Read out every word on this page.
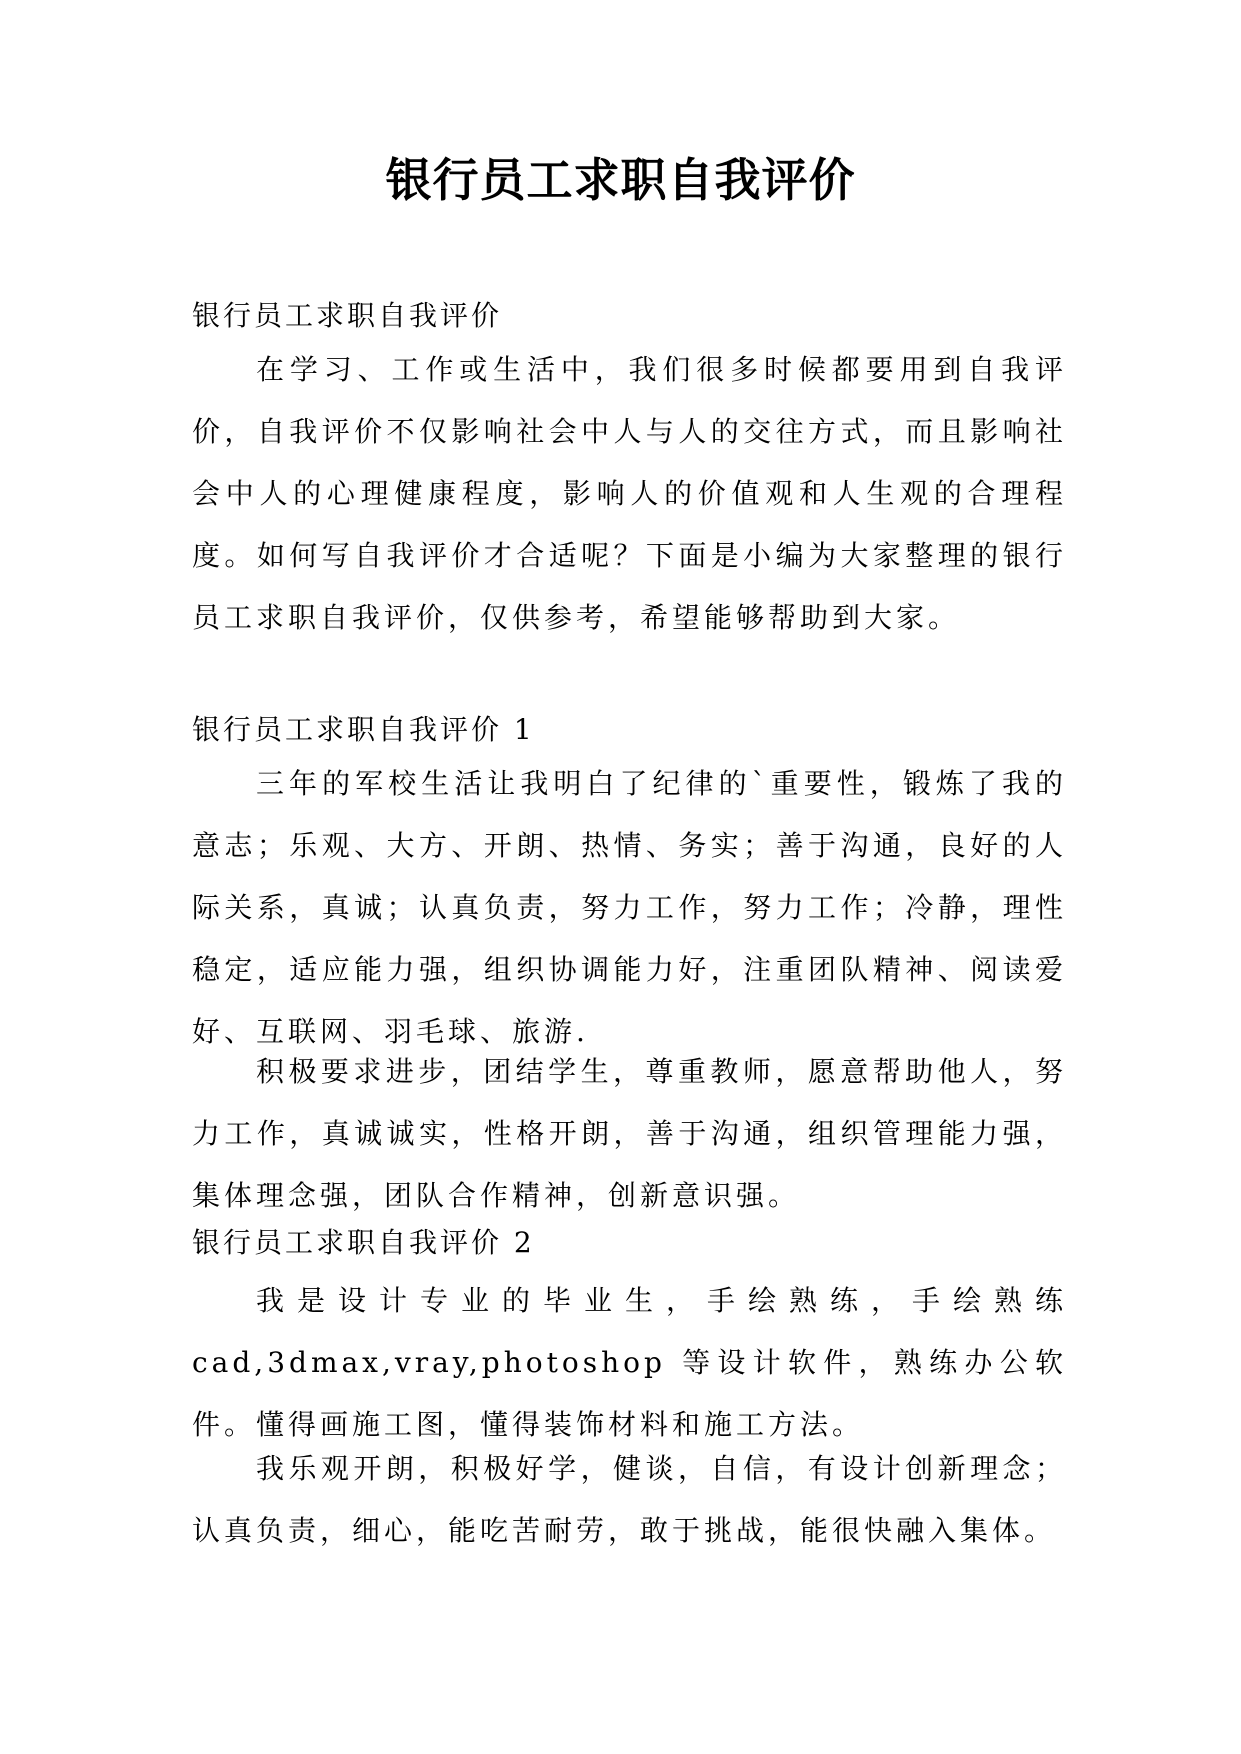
银行员工求职自我评价
银行员工求职自我评价

在学习、工作或生活中，我们很多时候都要用到自我评价，自我评价不仅影响社会中人与人的交往方式，而且影响社会中人的心理健康程度，影响人的价值观和人生观的合理程度。如何写自我评价才合适呢？下面是小编为大家整理的银行员工求职自我评价，仅供参考，希望能够帮助到大家。

银行员工求职自我评价 1

三年的军校生活让我明白了纪律的`重要性，锻炼了我的意志；乐观、大方、开朗、热情、务实；善于沟通，良好的人际关系，真诚；认真负责，努力工作，努力工作；冷静，理性稳定，适应能力强，组织协调能力好，注重团队精神、阅读爱好、互联网、羽毛球、旅游.

积极要求进步，团结学生，尊重教师，愿意帮助他人，努力工作，真诚诚实，性格开朗，善于沟通，组织管理能力强，集体理念强，团队合作精神，创新意识强。

银行员工求职自我评价 2

我是设计专业的毕业生，手绘熟练，手绘熟练 cad,3dmax,vray,photoshop 等设计软件，熟练办公软件。懂得画施工图，懂得装饰材料和施工方法。

我乐观开朗，积极好学，健谈，自信，有设计创新理念；认真负责，细心，能吃苦耐劳，敢于挑战，能很快融入集体。
